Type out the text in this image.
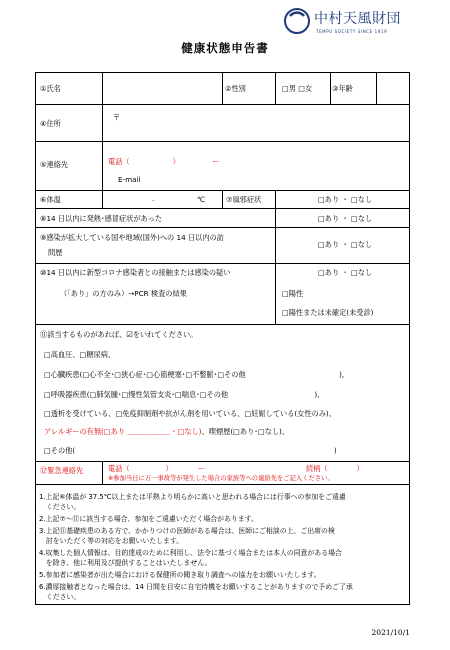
中村天風財団
TEMPU SOCIETY SINCE 1919
健康状態申告書
①氏名	②性別	□男 □女	③年齢
④住所
〒
⑤連絡先	電話（　　　　　　）　　　　　ー
E-mail
⑥体温	.	℃	⑦風邪症状	□あり ・ □なし
⑧14 日以内に発熱･感冒症状があった	□あり ・ □なし
⑨感染が拡大している国や地域(国外)への 14 日以内の訪
問歴
□あり ・ □なし
⑩14 日以内に新型コロナ感染者との接触または感染の疑い	□あり ・ □なし
（「あり」の方のみ）→PCR 検査の結果	□陽性
□陽性または未確定(未受診)
⑪該当するものがあれば、☑をいれてください。
□高血圧、□糖尿病、
□心臓疾患(□心不全･□狭心症･□心筋梗塞･□不整脈･□その他　　　　　　　　　　　　　),
□呼吸器疾患(□肺気腫･□慢性気管支炎･□喘息･□その他　　　　　　　　　　　　),
□透析を受けている、□免疫抑制剤や抗がん剤を用いている、□妊娠している(女性のみ)、
アレルギーの有無(□あり ＿＿＿＿＿＿・□なし)、喫煙歴(□あり･□なし)、
□その他(　　　　　　　　　　　　　　　　　　　　　　　　　　　　　　　　　　　　)
⑫緊急連絡先	電話（　　　　　）　　　　ー	続柄（　　　　）
※参加当日に万一事故等が発生した場合の家族等への連絡先をご記入ください。
1.上記⑥体温が 37.5℃以上または平熱より明らかに高いと思われる場合には行事への参加をご遠慮
　ください。
2.上記⑦～⑪に該当する場合、参加をご遠慮いただく場合があります。
3.上記⑪基礎疾患のある方で、かかりつけの医師がある場合は、医師にご相談の上、ご出席の検
　討をいただく等の対応をお願いいたします。
4.収集した個人情報は、目的達成のために利用し、法令に基づく場合または本人の同意がある場合
　を除き、他に利用及び提供することはいたしません。
5.参加者に感染者が出た場合における保健所の聞き取り調査への協力をお願いいたします。
6.濃厚接触者となった場合は、14 日間を目安に自宅待機をお願いすることがありますので予めご了承
　ください。
2021/10/1
